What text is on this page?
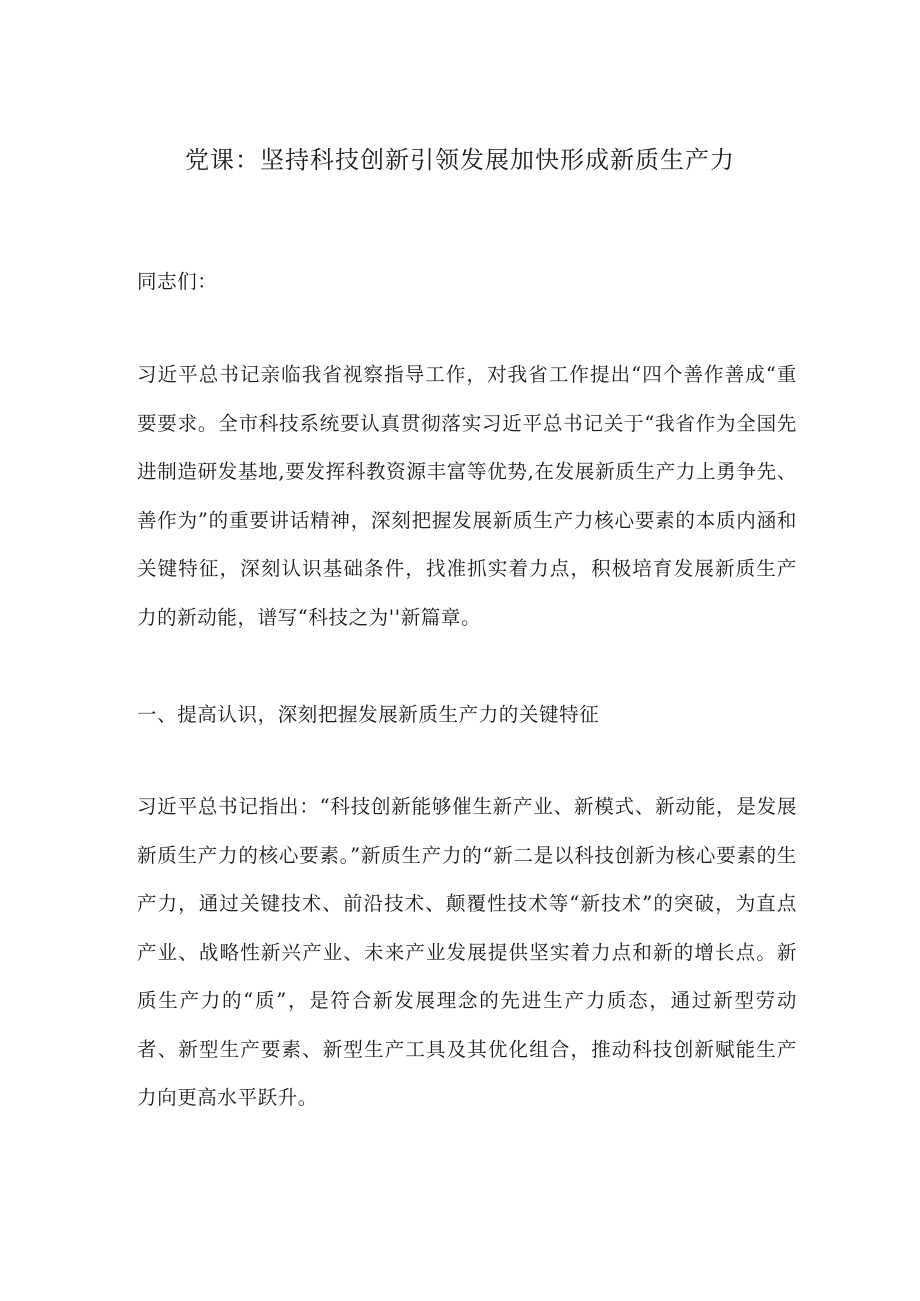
党课：坚持科技创新引领发展加快形成新质生产力

同志们：

习近平总书记亲临我省视察指导工作，对我省工作提出“四个善作善成“重要要求。全市科技系统要认真贯彻落实习近平总书记关于“我省作为全国先进制造研发基地,要发挥科教资源丰富等优势,在发展新质生产力上勇争先、善作为”的重要讲话精神，深刻把握发展新质生产力核心要素的本质内涵和关键特征，深刻认识基础条件，找准抓实着力点，积极培育发展新质生产力的新动能，谱写“科技之为''新篇章。

一、提高认识，深刻把握发展新质生产力的关键特征

习近平总书记指出：“科技创新能够催生新产业、新模式、新动能，是发展新质生产力的核心要素。”新质生产力的“新二是以科技创新为核心要素的生产力，通过关键技术、前沿技术、颠覆性技术等“新技术”的突破，为直点产业、战略性新兴产业、未来产业发展提供坚实着力点和新的增长点。新质生产力的“质”，是符合新发展理念的先进生产力质态，通过新型劳动者、新型生产要素、新型生产工具及其优化组合，推动科技创新赋能生产力向更高水平跃升。
